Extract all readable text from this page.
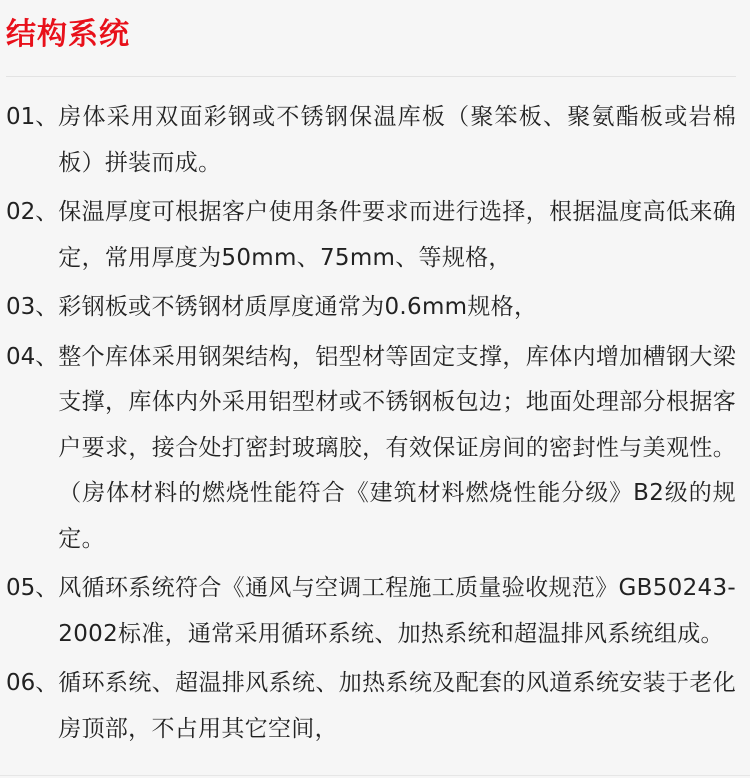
结构系统
01、 房体采用双面彩钢或不锈钢保温库板（聚笨板、聚氨酯板或岩棉板）拼装而成。
02、 保温厚度可根据客户使用条件要求而进行选择，根据温度高低来确定，常用厚度为50mm、75mm、等规格，
03、 彩钢板或不锈钢材质厚度通常为0.6mm规格，
04、 整个库体采用钢架结构，铝型材等固定支撑，库体内增加槽钢大梁支撑，库体内外采用铝型材或不锈钢板包边；地面处理部分根据客户要求，接合处打密封玻璃胶，有效保证房间的密封性与美观性。（房体材料的燃烧性能符合《建筑材料燃烧性能分级》B2级的规定。
05、 风循环系统符合《通风与空调工程施工质量验收规范》GB50243-2002标准，通常采用循环系统、加热系统和超温排风系统组成。
06、 循环系统、超温排风系统、加热系统及配套的风道系统安装于老化房顶部，不占用其它空间，
